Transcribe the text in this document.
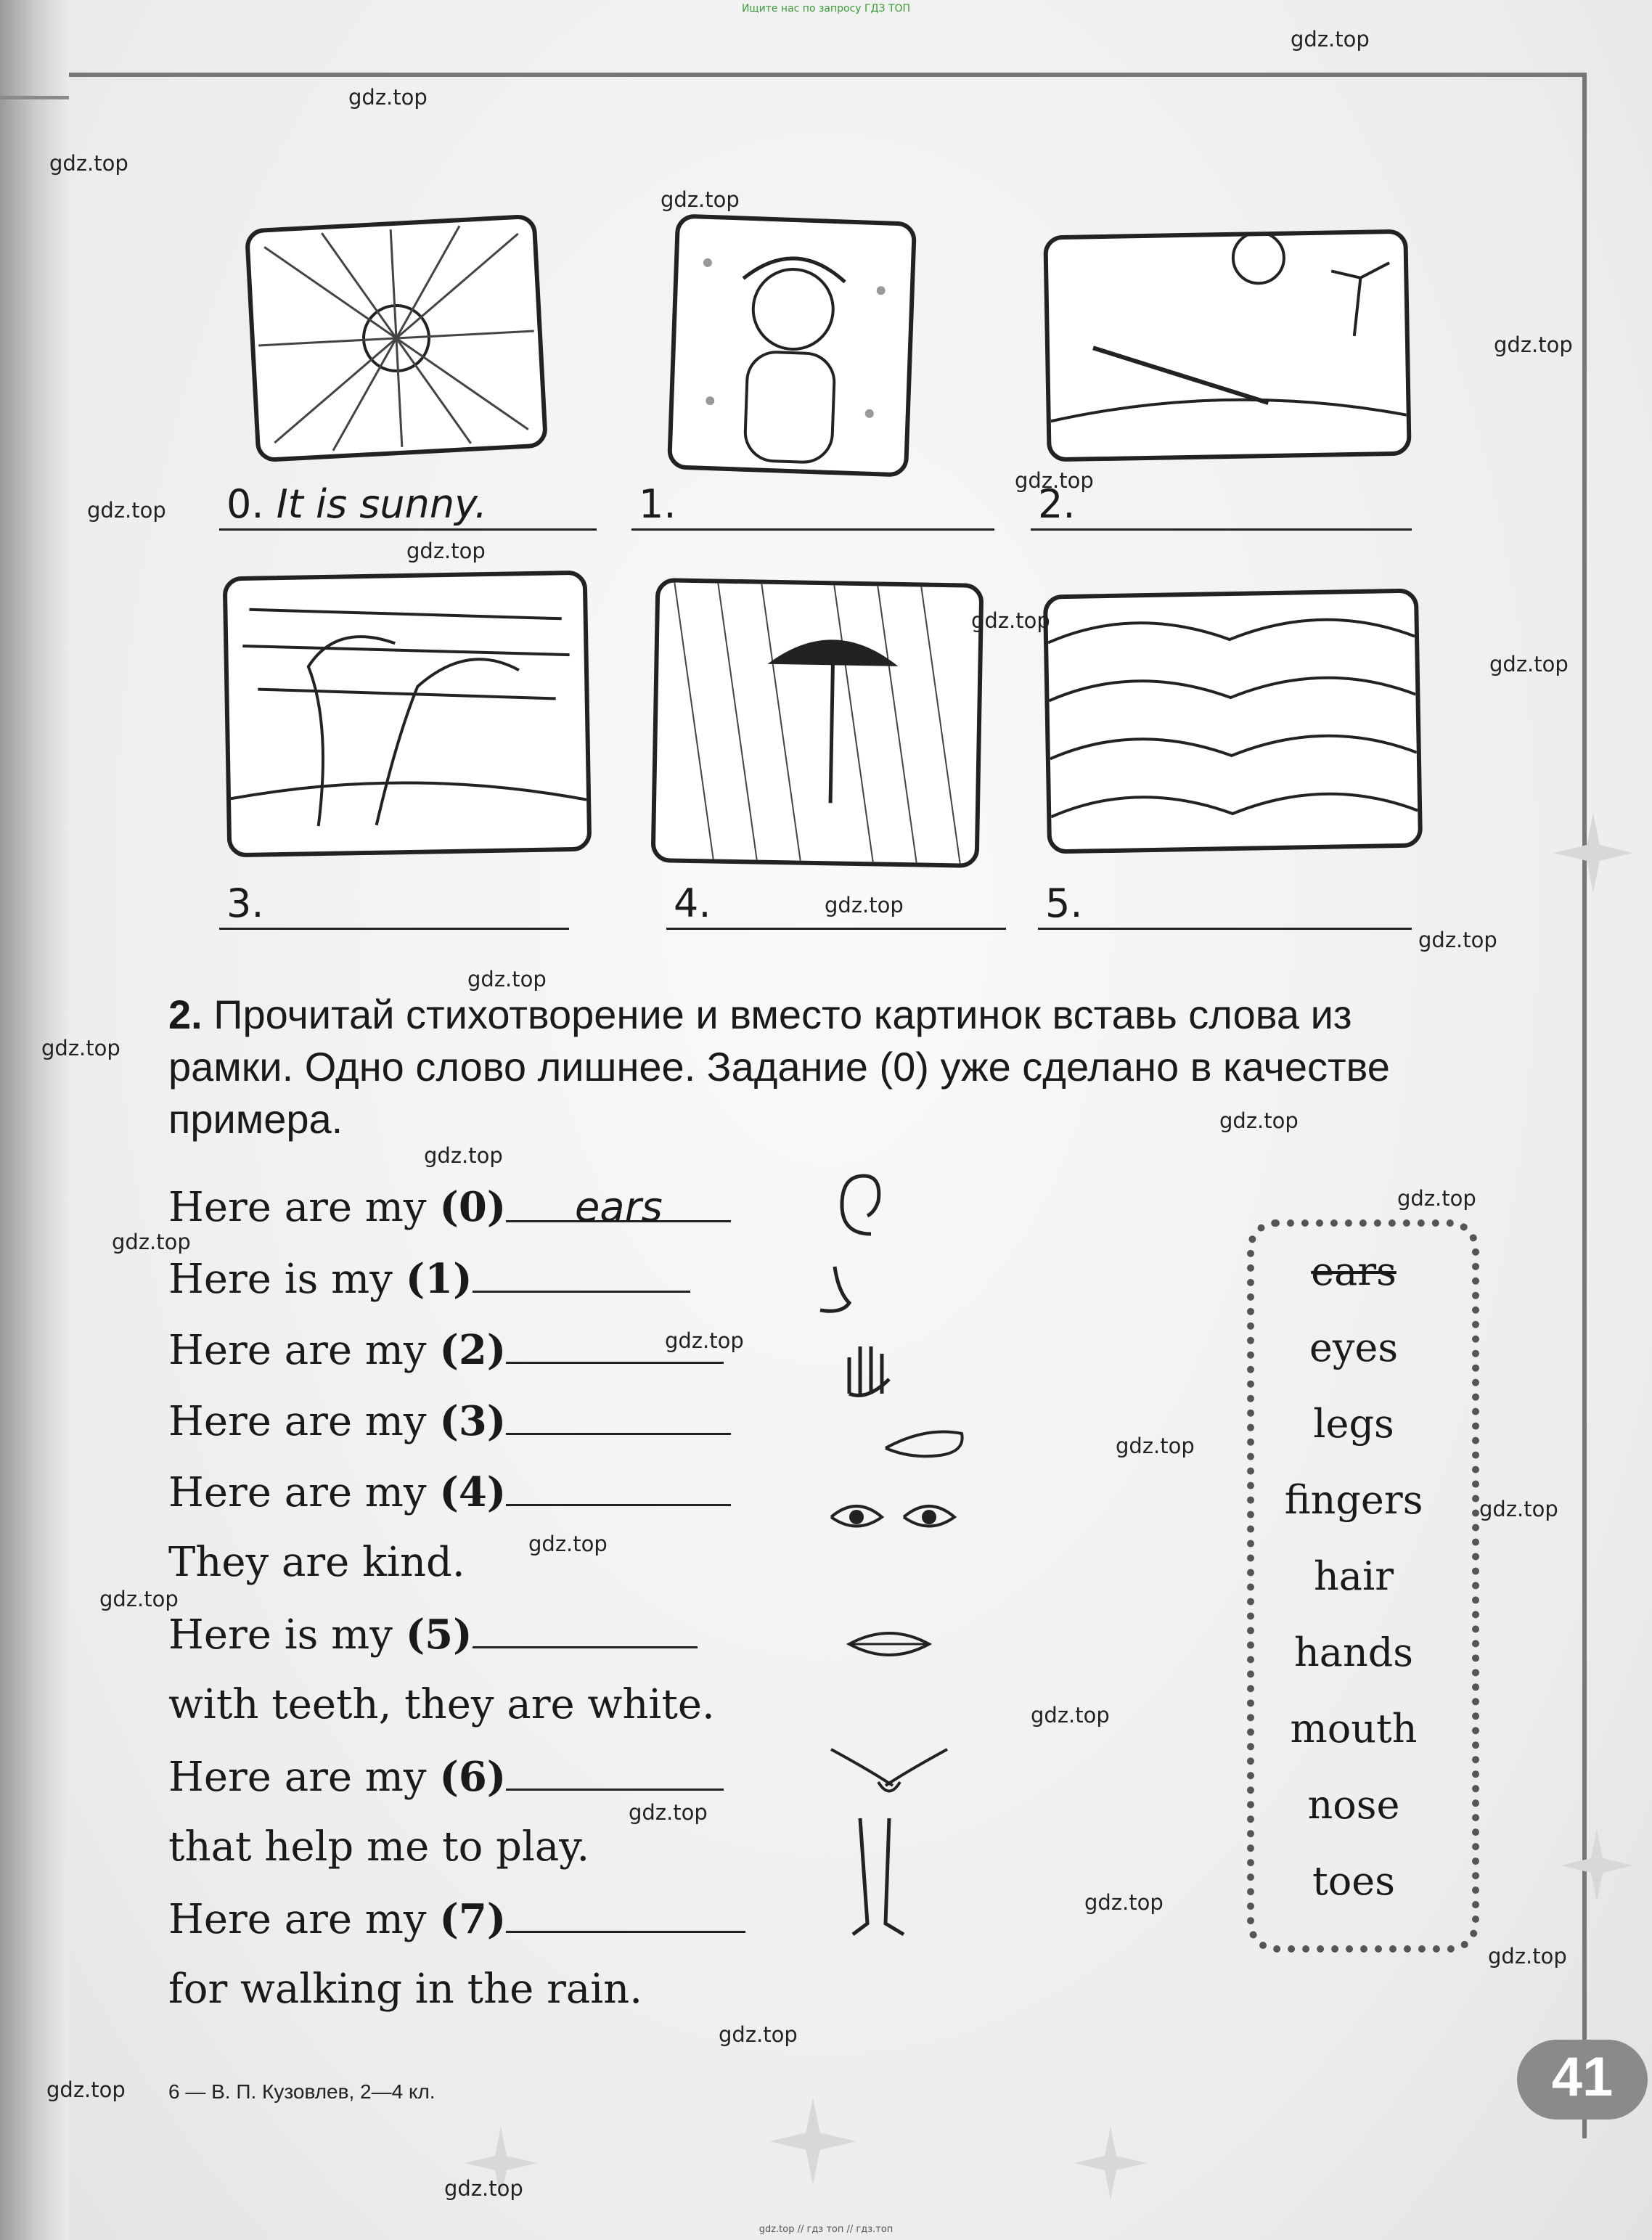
Ищите нас по запросу ГДЗ ТОП
0. It is sunny.	1.	2.
3.	4.	5.
2. Прочитай стихотворение и вместо картинок вставь слова из рамки. Одно слово лишнее. Задание (0) уже сделано в качестве примера.
Here are my (0) ears
Here is my (1)
Here are my (2)
Here are my (3)
Here are my (4)
They are kind.
Here is my (5)
with teeth, they are white.
Here are my (6)
that help me to play.
Here are my (7)
for walking in the rain.
ears
eyes
legs
fingers
hair
hands
mouth
nose
toes
6 — В. П. Кузовлев, 2—4 кл.	41
gdz.top
gdz.top
gdz.top
gdz.top
gdz.top
gdz.top
gdz.top
gdz.top
gdz.top
gdz.top
gdz.top
gdz.top
gdz.top
gdz.top
gdz.top
gdz.top
gdz.top
gdz.top
gdz.top
gdz.top
gdz.top
gdz.top
gdz.top
gdz.top
gdz.top
gdz.top
gdz.top
gdz.top
gdz.top
gdz.top
gdz.top // гдз топ // гдз.топ
